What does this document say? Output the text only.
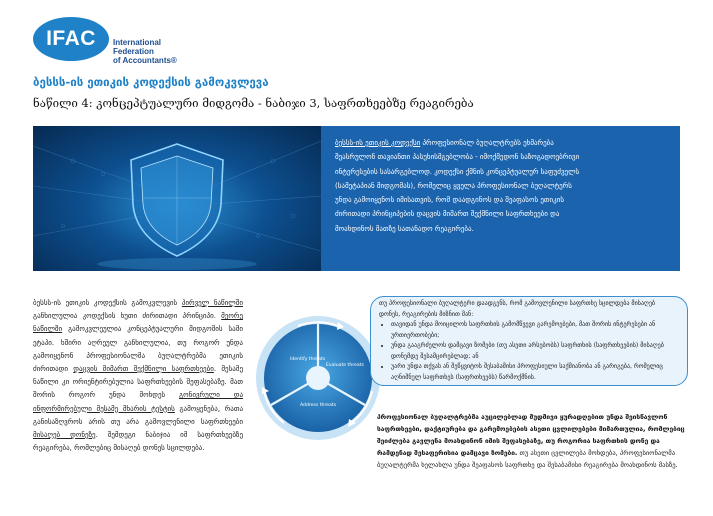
IFAC	International
Federation
of Accountants®
ბესსს-ის ეთიკის კოდექსის გამოკვლევა
ნაწილი 4: კონცეპტუალური მიდგომა - ნაბიჯი 3, საფრთხეებზე რეაგირება
ბესსს-ის ეთიკის კოდექსი პროფესიონალ ბუღალტრებს ეხმარება
შეასრულონ თავიანთი პასუხისმგებლობა - იმოქმედონ საზოგადოებრივი
ინტერესების სასარგებლოდ. კოდექსი ქმნის კონცეპტუალურ საფუძველს
(სამეტაპიან მიდგომას), რომელიც ყველა პროფესიონალ ბუღალტერს
უნდა გამოიყენოს იმისათვის, რომ დაადგინოს და შეაფასოს ეთიკის
ძირითადი პრინციპების დაცვის მიმართ შექმნილი საფრთხეები და
მოახდინოს მათზე სათანადო რეაგირება.
ბესსს-ის ეთიკის კოდექსის გამოკვლევის პირველ ნაწილში განხილულია კოდექსის ხუთი ძირითადი პრინციპი. მეორე ნაწილში გამოკვლეულია კონცეპტუალური მიდგომის სამი ეტაპი. ხშირი აღრეულ განხილულია, თუ როგორ უნდა გამოიყენონ პროფესიონალმა ბუღალტრებმა ეთიკის ძირითადი დაცვის მიმართ შექმნილი საფრთხეები. მესამე ნაწილი კი ორიენტირებულია საფრთხეების შეფასებაზე. მათ შორის როგორ უნდა მოხდეს გონივრული და ინფორმირებული მესამე მხარის ტესტის გამოყენება, რათა განისაზღვროს არის თუ არა გამოვლენილი საფრთხეები მისაღებ დონეზე. შემდეგი ნაბიჯია იმ საფრთხეებზე რეაგირება, რომლებიც მისაღებ დონეს სცილდება.
Identify threats
Evaluate threats
Address threats
თუ პროფესიონალი ბუღალტერი დაადგენს, რომ გამოვლენილი საფრთხე სცილდება მისაღებ დონეს, რეაგირების მიზნით მან:
• თავიდან უნდა მოიცილოს საფრთხის გამომწვევი გარემოებები, მათ შორის ინტერესები ან ურთიერთობები;
• უნდა გააგრძელოს დამცავი ზომები (თუ ასეთი არსებობს) საფრთხის (საფრთხეების) მისაღებ დონემდე შესამცირებლად; ან
• უარი უნდა თქვას ან შეწყვიტოს შესაბამისი პროფესიული საქმიანობა ან გარიგება, რომელიც აღნიშნულ საფრთხეს (საფრთხეებს) წარმოქმნის.
პროფესიონალ ბუღალტრებმა აუცილებლად მუდმივი ყურადღებით უნდა შეისწავლონ საფრთხეები, დაქტიურება და გარემოებების ასეთი ცვლილებები მიმართულია, რომლებიც შეიძლება გავლენა მოახდინონ იმის შეფასებაზე, თუ როგორია საფრთხის დონე და რამდენად შესაფერისია დამცავი ზომები. თუ ასეთი ცვლილება მოხდება, პროფესიონალმა ბუღალტერმა ხელახლა უნდა შეაფასოს საფრთხე და შესაბამისი რეაგირება მოახდინოს მასზე.
